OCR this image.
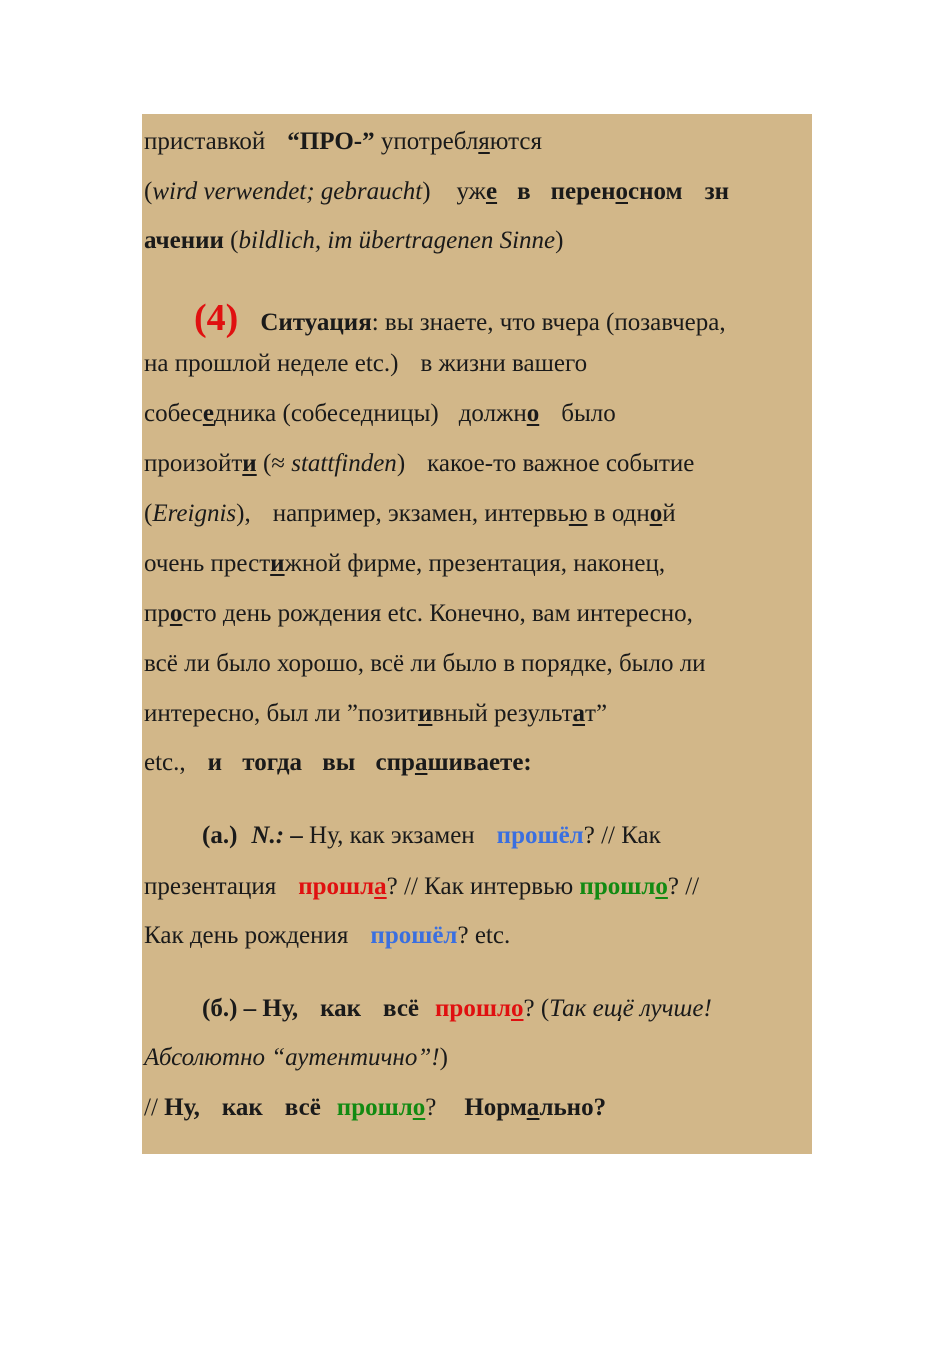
приставкой “ПРО-” употребляются
(wird verwendet; gebraucht) уже в переносном зн
ачении (bildlich, im übertragenen Sinne)
(4) Ситуация: вы знаете, что вчера (позавчера,
на прошлой неделе etc.) в жизни вашего
собеседника (собеседницы) должно было
произойти (≈ stattfinden) какое-то важное событие
(Ereignis), например, экзамен, интервью в одной
очень престижной фирме, презентация, наконец,
просто день рождения etc. Конечно, вам интересно,
всё ли было хорошо, всё ли было в порядке, было ли
интересно, был ли ”позитивный результат”
etc., и тогда вы спрашиваете:
(а.) N.: – Ну, как экзамен прошёл? // Как
презентация прошла? // Как интервью прошло? //
Как день рождения прошёл? etc.
(б.) – Ну, как всё прошло? (Так ещё лучше!
Абсолютно “аутентично”!)
// Ну, как всё прошло? Нормально?
